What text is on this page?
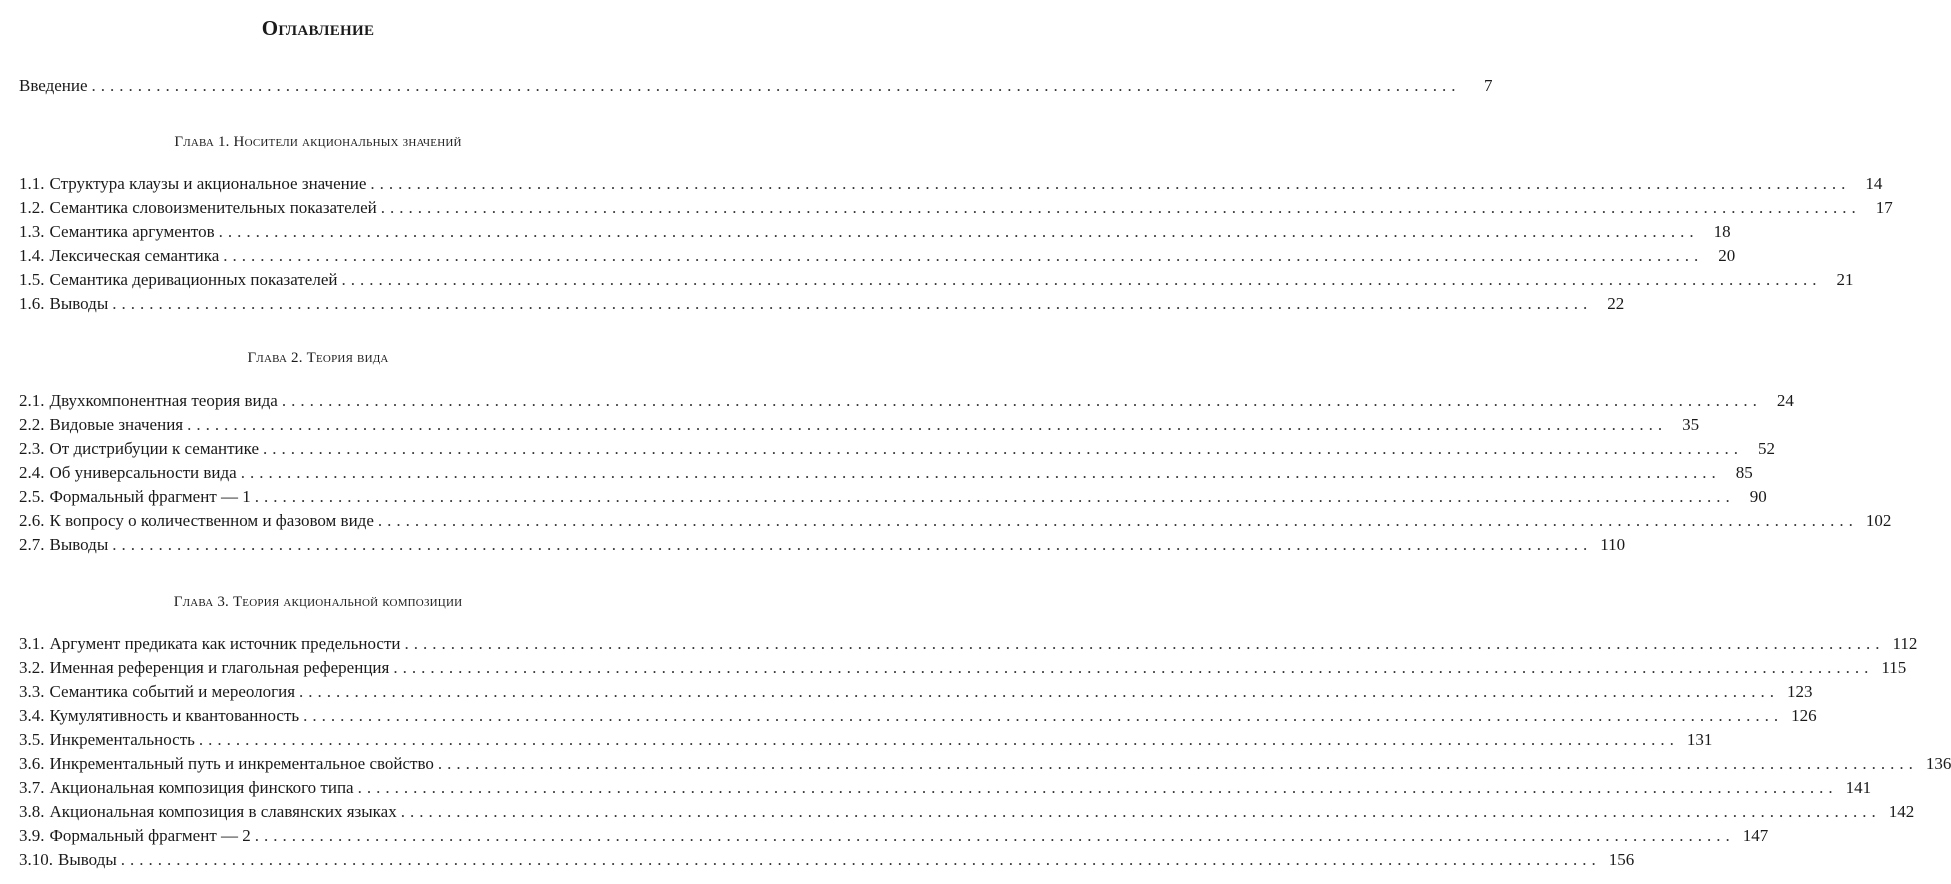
Оглавление
Введение ....................................................................................................................................................	7
Глава 1. Носители акциональных значений
1.1. Структура клаузы и акциональное значение ................................................................................................................................................................ 14
1.2. Семантика словоизменительных показателей ................................................................................................................................................................ 17
1.3. Семантика аргументов ................................................................................................................................................................ 18
1.4. Лексическая семантика ................................................................................................................................................................ 20
1.5. Семантика деривационных показателей ................................................................................................................................................................ 21
1.6. Выводы ................................................................................................................................................................ 22
Глава 2. Теория вида
2.1. Двухкомпонентная теория вида ................................................................................................................................................................ 24
2.2. Видовые значения ................................................................................................................................................................ 35
2.3. От дистрибуции к семантике ................................................................................................................................................................ 52
2.4. Об универсальности вида ................................................................................................................................................................ 85
2.5. Формальный фрагмент — 1 ................................................................................................................................................................ 90
2.6. К вопросу о количественном и фазовом виде ................................................................................................................................................................ 102
2.7. Выводы ................................................................................................................................................................ 110
Глава 3. Теория акциональной композиции
3.1. Аргумент предиката как источник предельности ................................................................................................................................................................ 112
3.2. Именная референция и глагольная референция ................................................................................................................................................................ 115
3.3. Семантика событий и мереология ................................................................................................................................................................ 123
3.4. Кумулятивность и квантованность ................................................................................................................................................................ 126
3.5. Инкрементальность ................................................................................................................................................................ 131
3.6. Инкрементальный путь и инкрементальное свойство ................................................................................................................................................................ 136
3.7. Акциональная композиция финского типа ................................................................................................................................................................ 141
3.8. Акциональная композиция в славянских языках ................................................................................................................................................................ 142
3.9. Формальный фрагмент — 2 ................................................................................................................................................................ 147
3.10. Выводы ................................................................................................................................................................ 156
